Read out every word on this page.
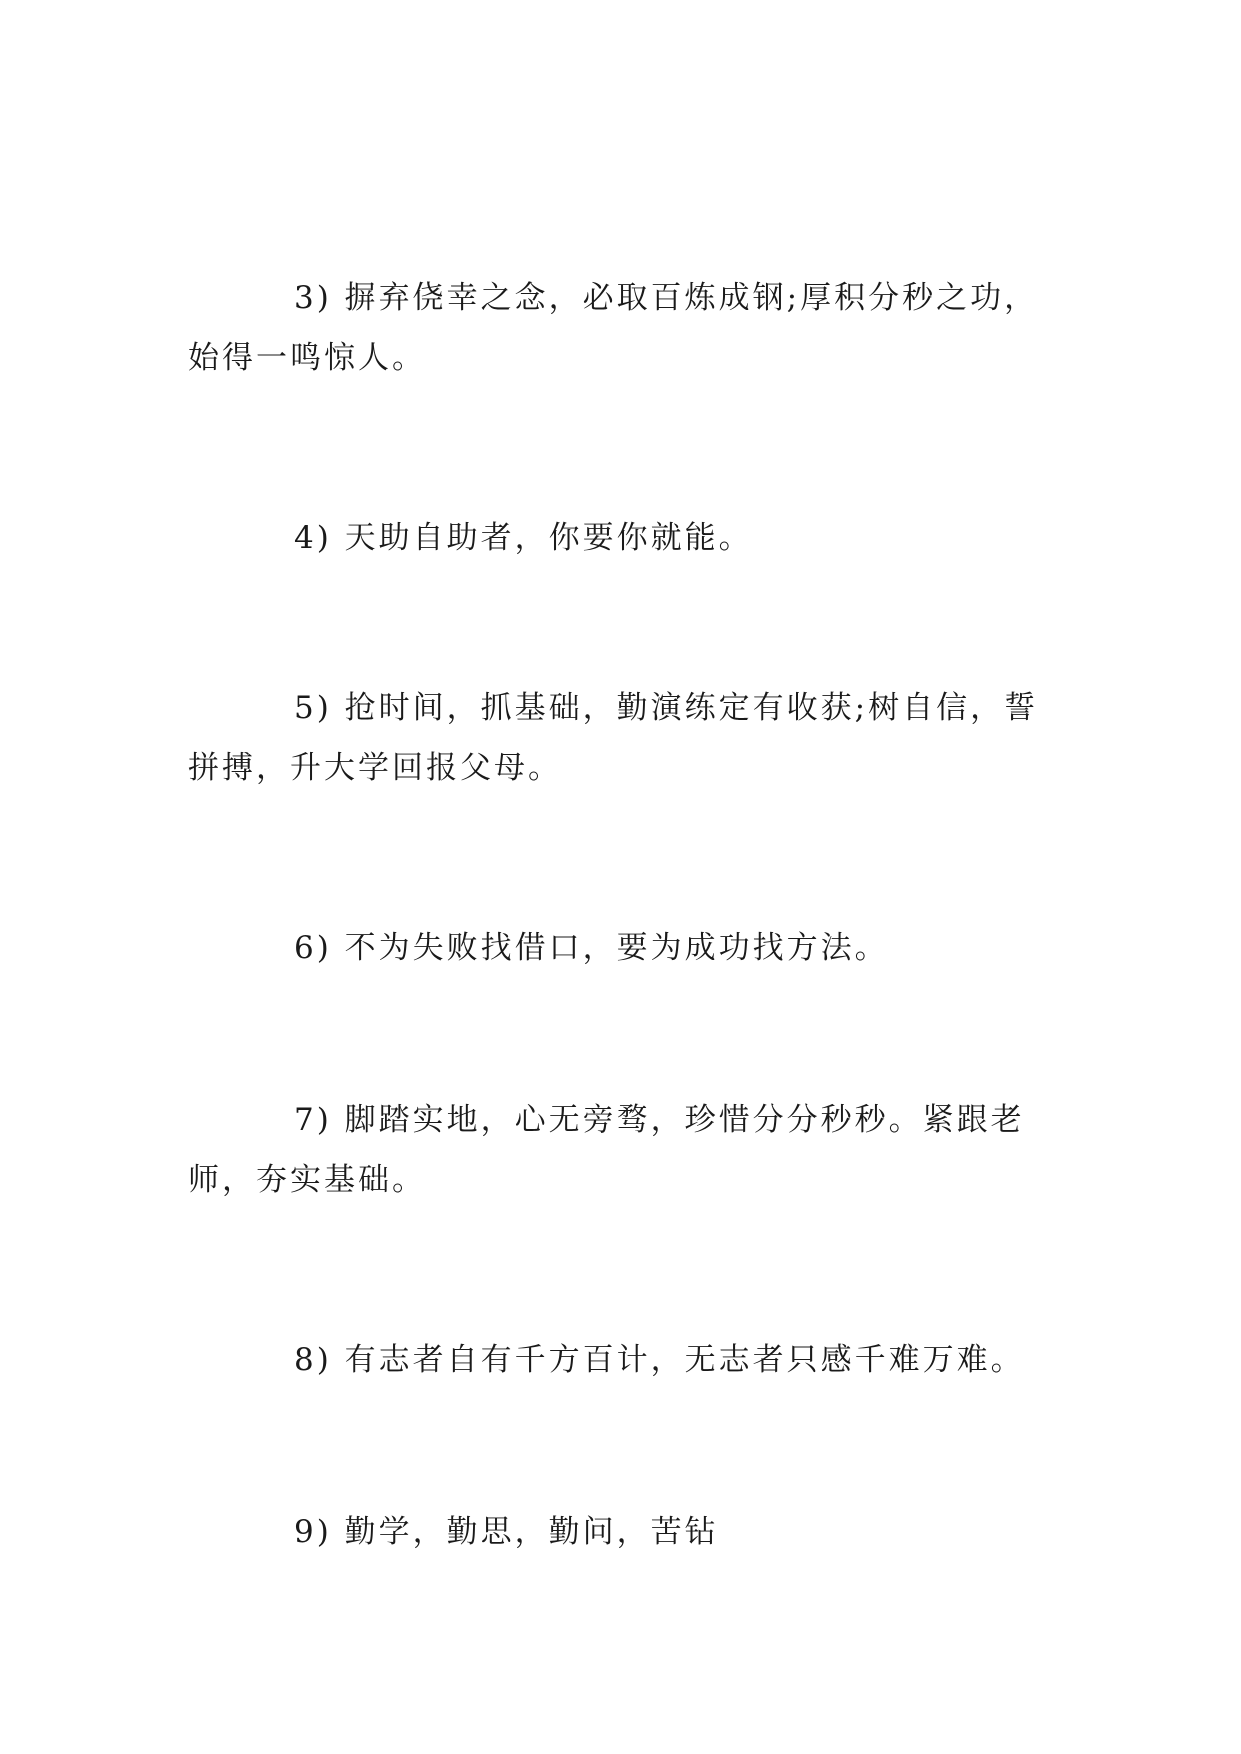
3) 摒弃侥幸之念，必取百炼成钢;厚积分秒之功，始得一鸣惊人。

4) 天助自助者，你要你就能。

5) 抢时间，抓基础，勤演练定有收获;树自信，誓拼搏，升大学回报父母。

6) 不为失败找借口，要为成功找方法。

7) 脚踏实地，心无旁骛，珍惜分分秒秒。紧跟老师，夯实基础。

8) 有志者自有千方百计，无志者只感千难万难。

9) 勤学，勤思，勤问，苦钻
